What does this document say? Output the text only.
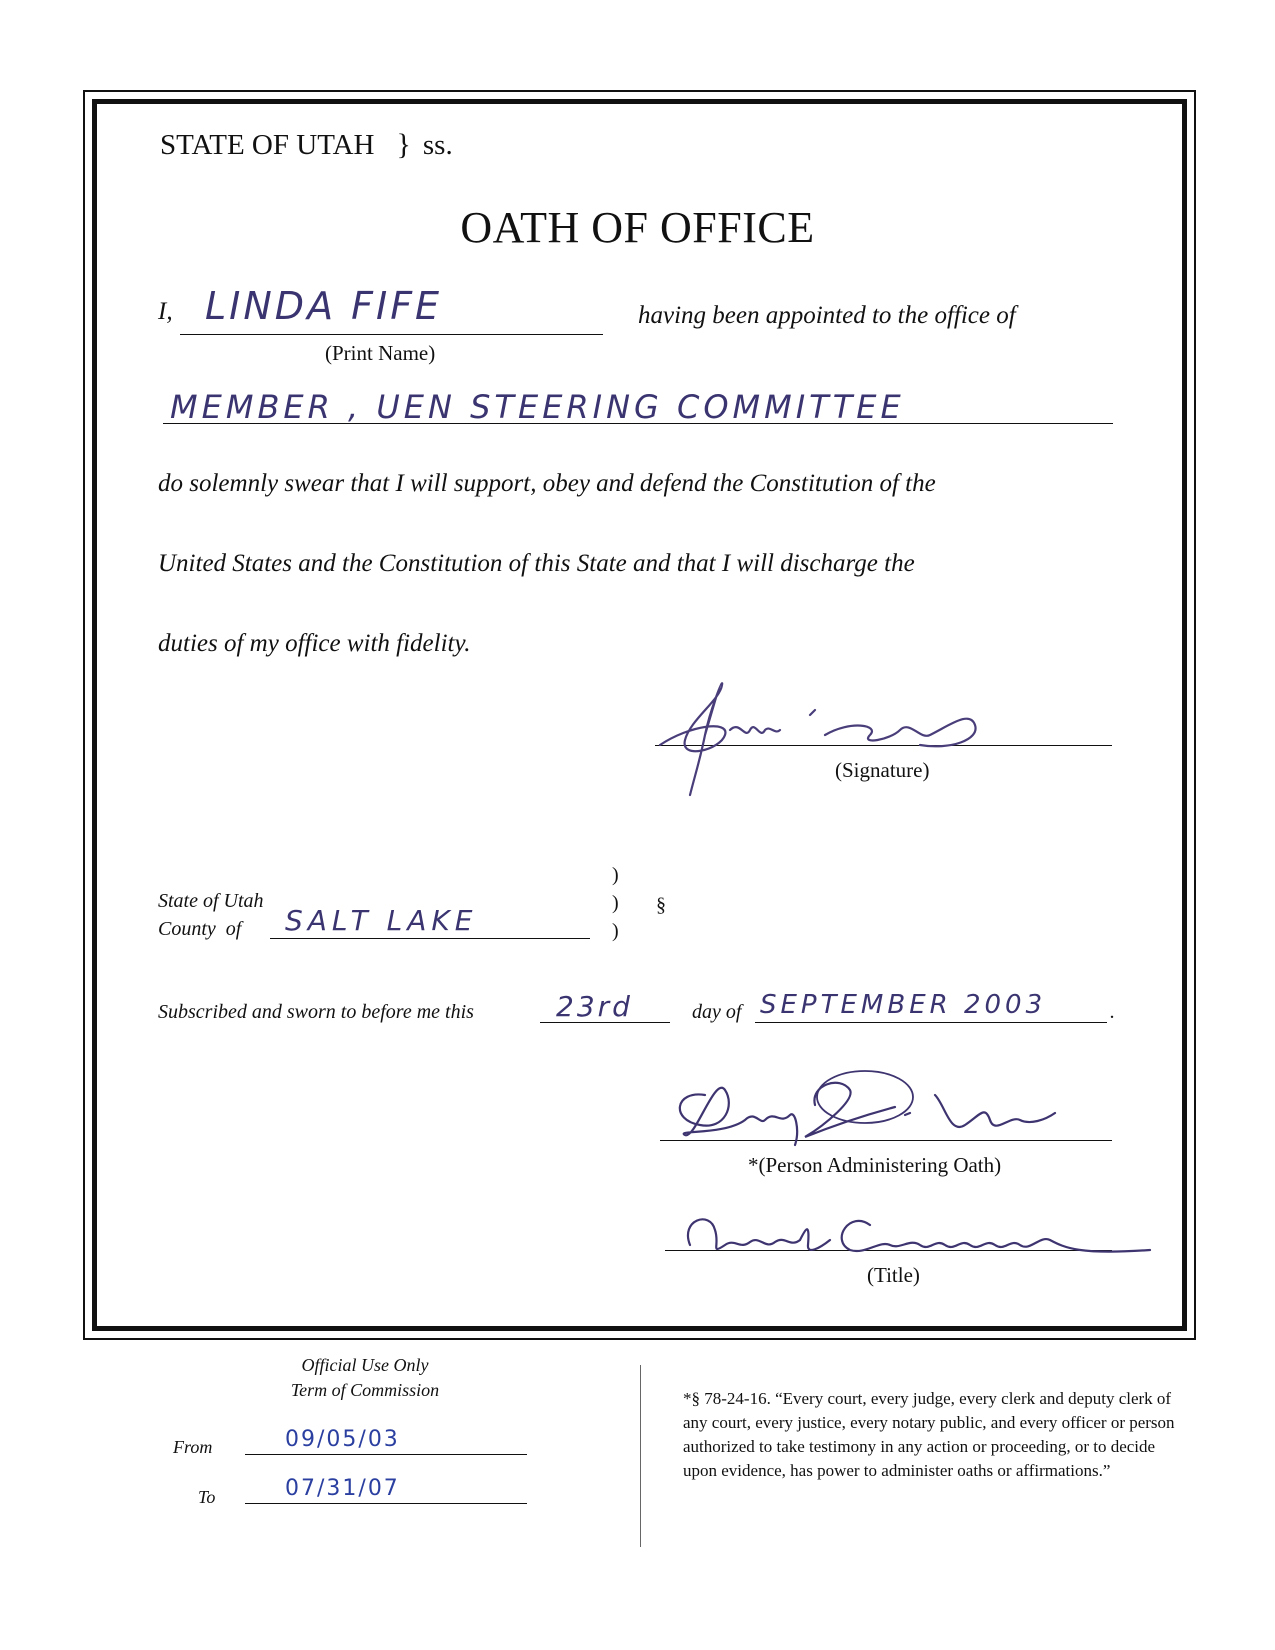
STATE OF UTAH } ss.
OATH OF OFFICE
I, LINDA FIFE
(Print Name)
having been appointed to the office of
MEMBER , UEN STEERING COMMITTEE
do solemnly swear that I will support, obey and defend the Constitution of the
United States and the Constitution of this State and that I will discharge the
duties of my office with fidelity.
(Signature)
State of Utah
County of SALT LAKE
)
)
)
§
Subscribed and sworn to before me this	23rd	day of SEPTEMBER 2003	.
*(Person Administering Oath)
(Title)
Official Use Only
Term of Commission
From	09/05/03
To	07/31/07
*§ 78-24-16. “Every court, every judge, every clerk and deputy clerk of any court, every justice, every notary public, and every officer or person authorized to take testimony in any action or proceeding, or to decide upon evidence, has power to administer oaths or affirmations.”
